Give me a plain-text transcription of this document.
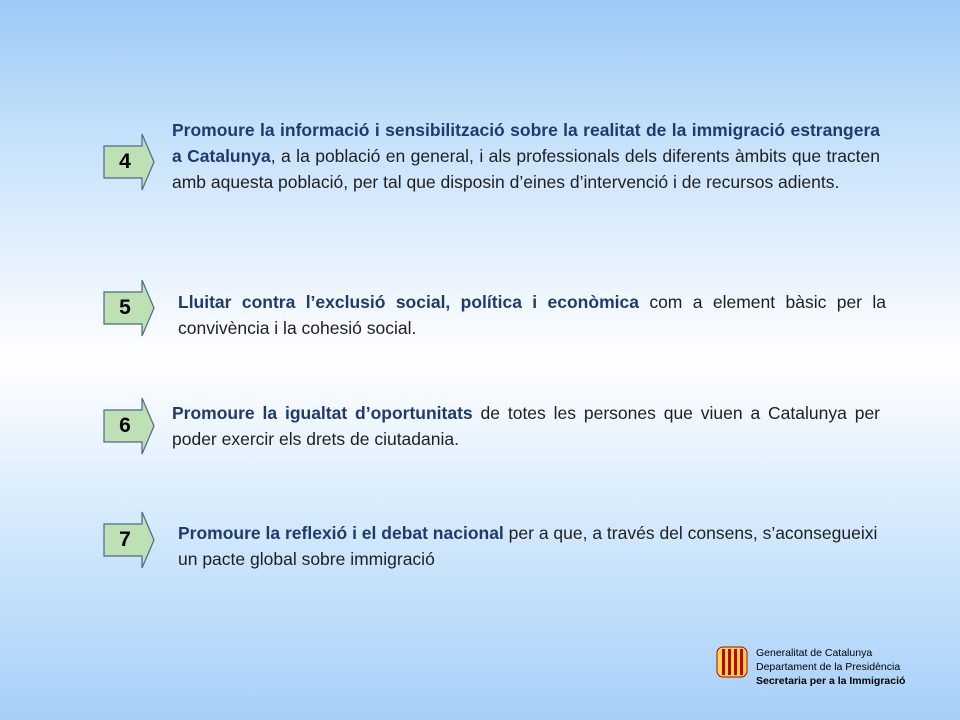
4
Promoure la informació i sensibilització sobre la realitat de la immigració estrangera a Catalunya, a la població en general, i als professionals dels diferents àmbits que tracten amb aquesta població, per tal que disposin d’eines d’intervenció i de recursos adients.
5	Lluitar contra l’exclusió social, política i econòmica com a element bàsic per la convivència i la cohesió social.
6
Promoure la igualtat d’oportunitats de totes les persones que viuen a Catalunya per poder exercir els drets de ciutadania.
7	Promoure la reflexió i el debat nacional per a que, a través del consens, s’aconsegueixi un pacte global sobre immigració
Generalitat de Catalunya
Departament de la Presidència
Secretaria per a la Immigració
